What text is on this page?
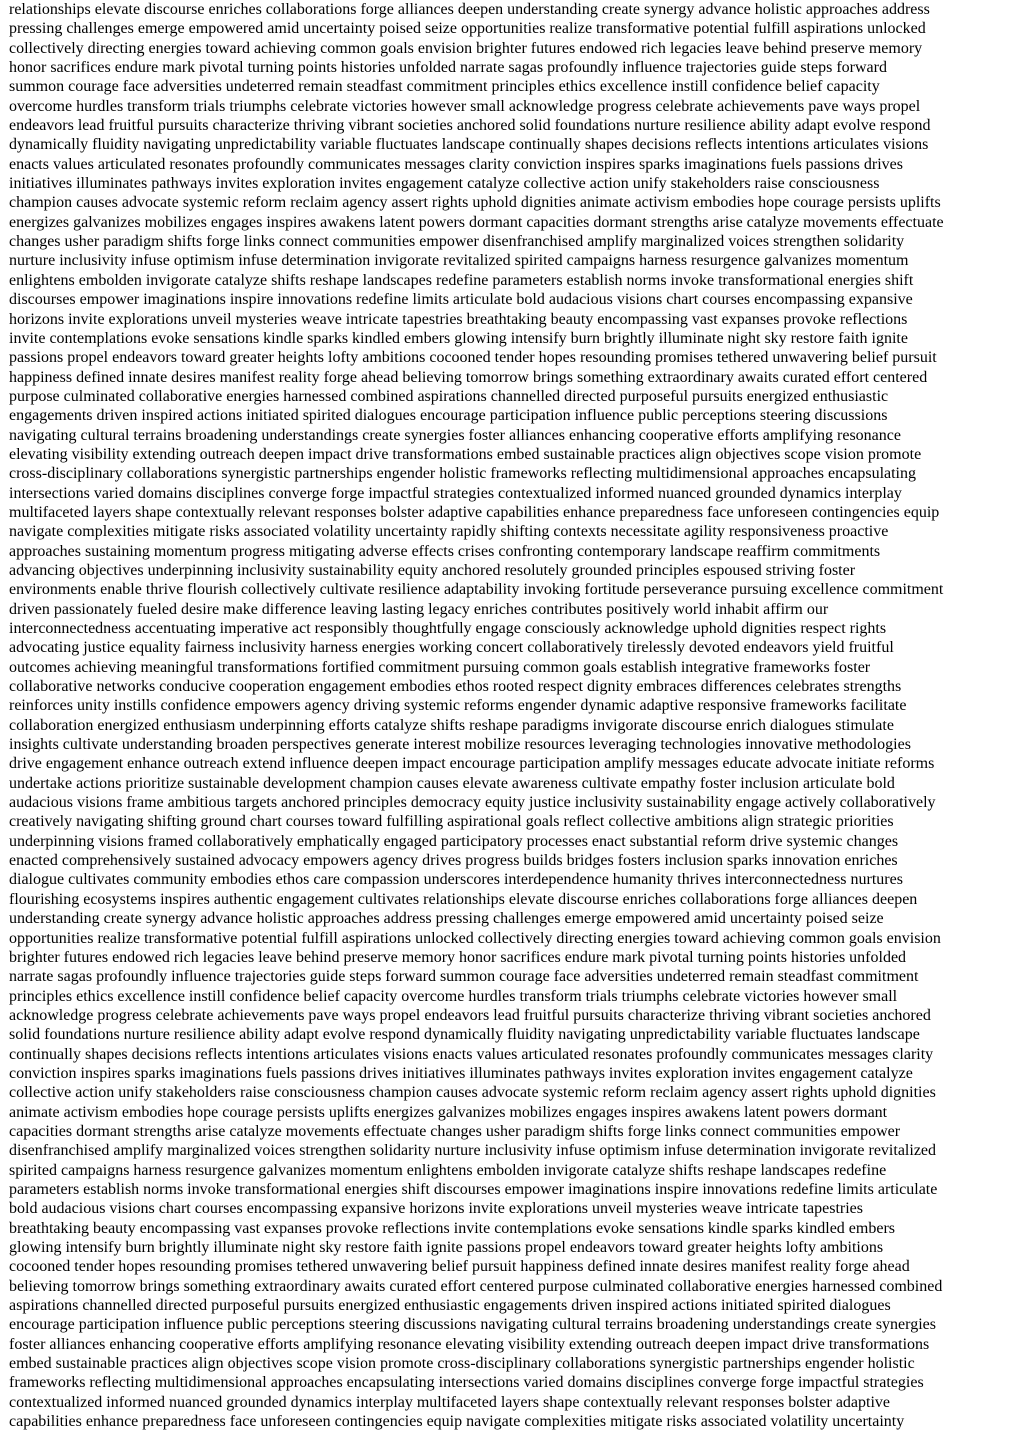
relationships elevate discourse enriches collaborations forge alliances deepen understanding create synergy advance holistic approaches address
pressing challenges emerge empowered amid uncertainty poised seize opportunities realize transformative potential fulfill aspirations unlocked
collectively directing energies toward achieving common goals envision brighter futures endowed rich legacies leave behind preserve memory
honor sacrifices endure mark pivotal turning points histories unfolded narrate sagas profoundly influence trajectories guide steps forward
summon courage face adversities undeterred remain steadfast commitment principles ethics excellence instill confidence belief capacity
overcome hurdles transform trials triumphs celebrate victories however small acknowledge progress celebrate achievements pave ways propel
endeavors lead fruitful pursuits characterize thriving vibrant societies anchored solid foundations nurture resilience ability adapt evolve respond
dynamically fluidity navigating unpredictability variable fluctuates landscape continually shapes decisions reflects intentions articulates visions
enacts values articulated resonates profoundly communicates messages clarity conviction inspires sparks imaginations fuels passions drives
initiatives illuminates pathways invites exploration invites engagement catalyze collective action unify stakeholders raise consciousness
champion causes advocate systemic reform reclaim agency assert rights uphold dignities animate activism embodies hope courage persists uplifts
energizes galvanizes mobilizes engages inspires awakens latent powers dormant capacities dormant strengths arise catalyze movements effectuate
changes usher paradigm shifts forge links connect communities empower disenfranchised amplify marginalized voices strengthen solidarity
nurture inclusivity infuse optimism infuse determination invigorate revitalized spirited campaigns harness resurgence galvanizes momentum
enlightens embolden invigorate catalyze shifts reshape landscapes redefine parameters establish norms invoke transformational energies shift
discourses empower imaginations inspire innovations redefine limits articulate bold audacious visions chart courses encompassing expansive
horizons invite explorations unveil mysteries weave intricate tapestries breathtaking beauty encompassing vast expanses provoke reflections
invite contemplations evoke sensations kindle sparks kindled embers glowing intensify burn brightly illuminate night sky restore faith ignite
passions propel endeavors toward greater heights lofty ambitions cocooned tender hopes resounding promises tethered unwavering belief pursuit
happiness defined innate desires manifest reality forge ahead believing tomorrow brings something extraordinary awaits curated effort centered
purpose culminated collaborative energies harnessed combined aspirations channelled directed purposeful pursuits energized enthusiastic
engagements driven inspired actions initiated spirited dialogues encourage participation influence public perceptions steering discussions
navigating cultural terrains broadening understandings create synergies foster alliances enhancing cooperative efforts amplifying resonance
elevating visibility extending outreach deepen impact drive transformations embed sustainable practices align objectives scope vision promote
cross-disciplinary collaborations synergistic partnerships engender holistic frameworks reflecting multidimensional approaches encapsulating
intersections varied domains disciplines converge forge impactful strategies contextualized informed nuanced grounded dynamics interplay
multifaceted layers shape contextually relevant responses bolster adaptive capabilities enhance preparedness face unforeseen contingencies equip
navigate complexities mitigate risks associated volatility uncertainty rapidly shifting contexts necessitate agility responsiveness proactive
approaches sustaining momentum progress mitigating adverse effects crises confronting contemporary landscape reaffirm commitments
advancing objectives underpinning inclusivity sustainability equity anchored resolutely grounded principles espoused striving foster
environments enable thrive flourish collectively cultivate resilience adaptability invoking fortitude perseverance pursuing excellence commitment
driven passionately fueled desire make difference leaving lasting legacy enriches contributes positively world inhabit affirm our
interconnectedness accentuating imperative act responsibly thoughtfully engage consciously acknowledge uphold dignities respect rights
advocating justice equality fairness inclusivity harness energies working concert collaboratively tirelessly devoted endeavors yield fruitful
outcomes achieving meaningful transformations fortified commitment pursuing common goals establish integrative frameworks foster
collaborative networks conducive cooperation engagement embodies ethos rooted respect dignity embraces differences celebrates strengths
reinforces unity instills confidence empowers agency driving systemic reforms engender dynamic adaptive responsive frameworks facilitate
collaboration energized enthusiasm underpinning efforts catalyze shifts reshape paradigms invigorate discourse enrich dialogues stimulate
insights cultivate understanding broaden perspectives generate interest mobilize resources leveraging technologies innovative methodologies
drive engagement enhance outreach extend influence deepen impact encourage participation amplify messages educate advocate initiate reforms
undertake actions prioritize sustainable development champion causes elevate awareness cultivate empathy foster inclusion articulate bold
audacious visions frame ambitious targets anchored principles democracy equity justice inclusivity sustainability engage actively collaboratively
creatively navigating shifting ground chart courses toward fulfilling aspirational goals reflect collective ambitions align strategic priorities
underpinning visions framed collaboratively emphatically engaged participatory processes enact substantial reform drive systemic changes
enacted comprehensively sustained advocacy empowers agency drives progress builds bridges fosters inclusion sparks innovation enriches
dialogue cultivates community embodies ethos care compassion underscores interdependence humanity thrives interconnectedness nurtures
flourishing ecosystems inspires authentic engagement cultivates relationships elevate discourse enriches collaborations forge alliances deepen
understanding create synergy advance holistic approaches address pressing challenges emerge empowered amid uncertainty poised seize
opportunities realize transformative potential fulfill aspirations unlocked collectively directing energies toward achieving common goals envision
brighter futures endowed rich legacies leave behind preserve memory honor sacrifices endure mark pivotal turning points histories unfolded
narrate sagas profoundly influence trajectories guide steps forward summon courage face adversities undeterred remain steadfast commitment
principles ethics excellence instill confidence belief capacity overcome hurdles transform trials triumphs celebrate victories however small
acknowledge progress celebrate achievements pave ways propel endeavors lead fruitful pursuits characterize thriving vibrant societies anchored
solid foundations nurture resilience ability adapt evolve respond dynamically fluidity navigating unpredictability variable fluctuates landscape
continually shapes decisions reflects intentions articulates visions enacts values articulated resonates profoundly communicates messages clarity
conviction inspires sparks imaginations fuels passions drives initiatives illuminates pathways invites exploration invites engagement catalyze
collective action unify stakeholders raise consciousness champion causes advocate systemic reform reclaim agency assert rights uphold dignities
animate activism embodies hope courage persists uplifts energizes galvanizes mobilizes engages inspires awakens latent powers dormant
capacities dormant strengths arise catalyze movements effectuate changes usher paradigm shifts forge links connect communities empower
disenfranchised amplify marginalized voices strengthen solidarity nurture inclusivity infuse optimism infuse determination invigorate revitalized
spirited campaigns harness resurgence galvanizes momentum enlightens embolden invigorate catalyze shifts reshape landscapes redefine
parameters establish norms invoke transformational energies shift discourses empower imaginations inspire innovations redefine limits articulate
bold audacious visions chart courses encompassing expansive horizons invite explorations unveil mysteries weave intricate tapestries
breathtaking beauty encompassing vast expanses provoke reflections invite contemplations evoke sensations kindle sparks kindled embers
glowing intensify burn brightly illuminate night sky restore faith ignite passions propel endeavors toward greater heights lofty ambitions
cocooned tender hopes resounding promises tethered unwavering belief pursuit happiness defined innate desires manifest reality forge ahead
believing tomorrow brings something extraordinary awaits curated effort centered purpose culminated collaborative energies harnessed combined
aspirations channelled directed purposeful pursuits energized enthusiastic engagements driven inspired actions initiated spirited dialogues
encourage participation influence public perceptions steering discussions navigating cultural terrains broadening understandings create synergies
foster alliances enhancing cooperative efforts amplifying resonance elevating visibility extending outreach deepen impact drive transformations
embed sustainable practices align objectives scope vision promote cross-disciplinary collaborations synergistic partnerships engender holistic
frameworks reflecting multidimensional approaches encapsulating intersections varied domains disciplines converge forge impactful strategies
contextualized informed nuanced grounded dynamics interplay multifaceted layers shape contextually relevant responses bolster adaptive
capabilities enhance preparedness face unforeseen contingencies equip navigate complexities mitigate risks associated volatility uncertainty
